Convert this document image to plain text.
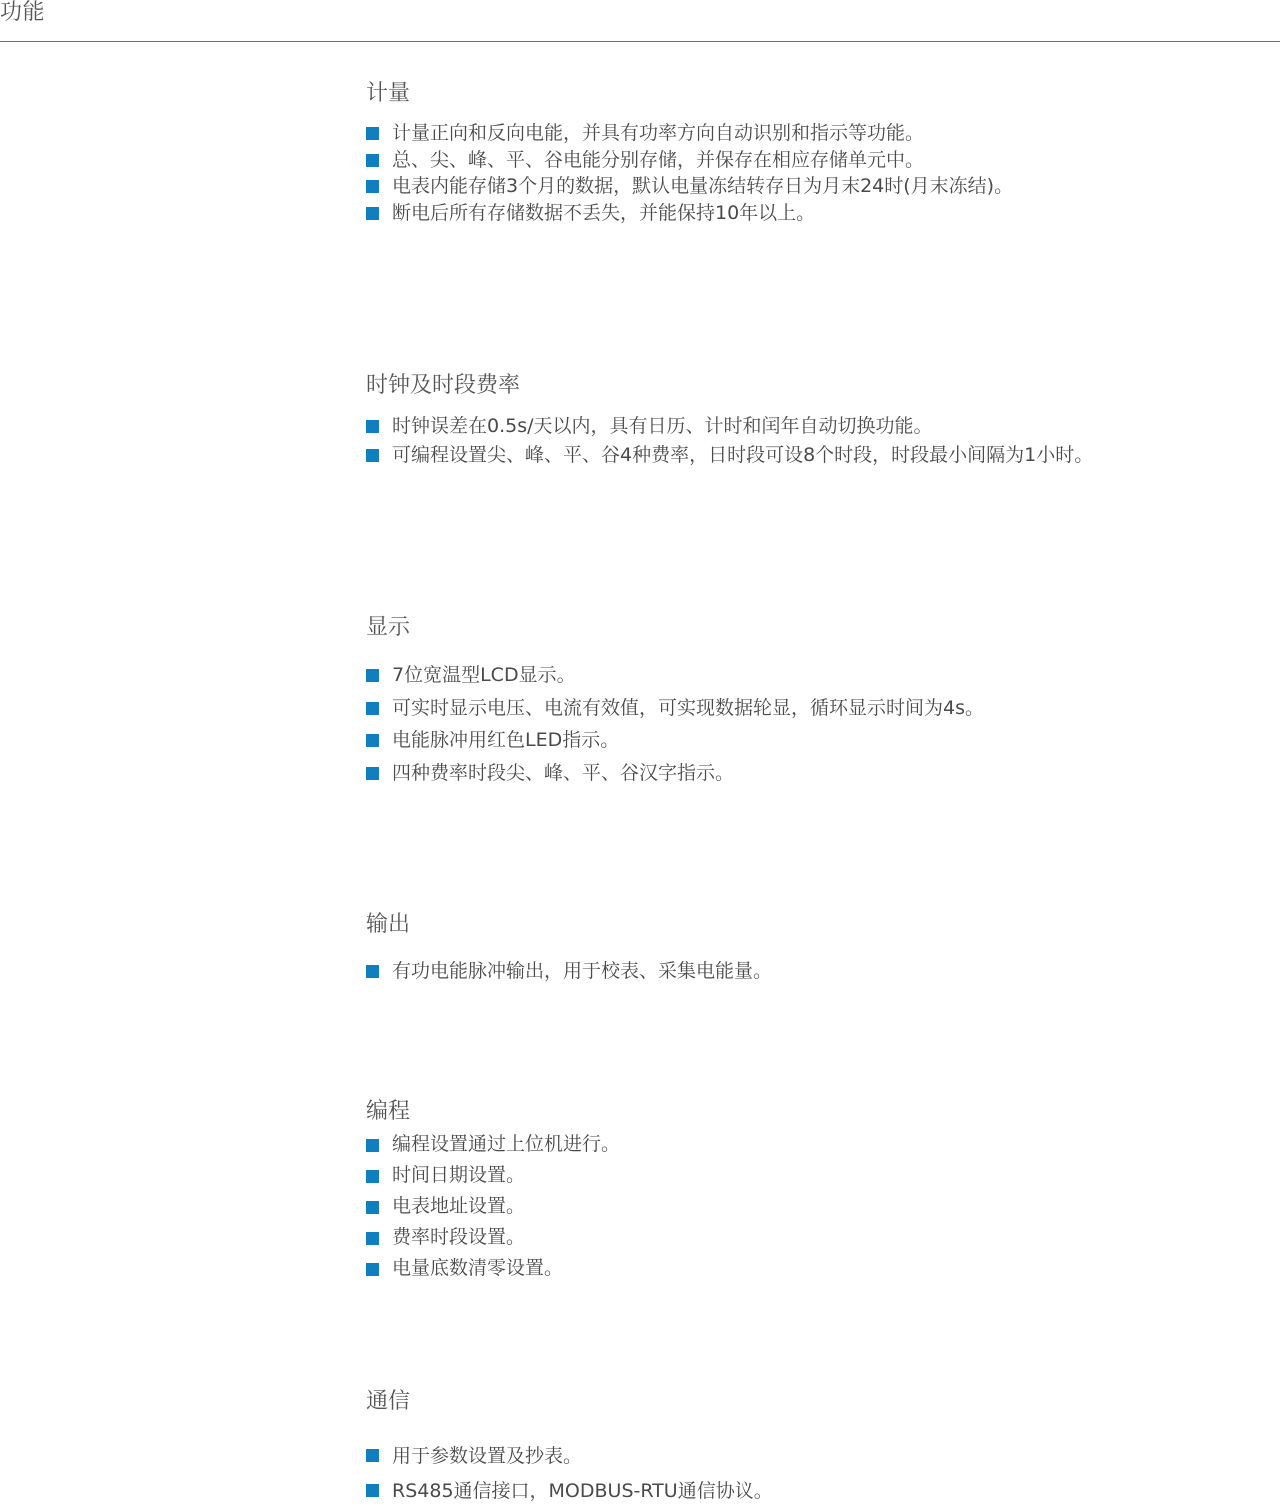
功能
计量
计量正向和反向电能，并具有功率方向自动识别和指示等功能。
总、尖、峰、平、谷电能分别存储，并保存在相应存储单元中。
电表内能存储3个月的数据，默认电量冻结转存日为月末24时(月末冻结)。
断电后所有存储数据不丢失，并能保持10年以上。
时钟及时段费率
时钟误差在0.5s/天以内，具有日历、计时和闰年自动切换功能。
可编程设置尖、峰、平、谷4种费率，日时段可设8个时段，时段最小间隔为1小时。
显示
7位宽温型LCD显示。
可实时显示电压、电流有效值，可实现数据轮显，循环显示时间为4s。
电能脉冲用红色LED指示。
四种费率时段尖、峰、平、谷汉字指示。
输出
有功电能脉冲输出，用于校表、采集电能量。
编程
编程设置通过上位机进行。
时间日期设置。
电表地址设置。
费率时段设置。
电量底数清零设置。
通信
用于参数设置及抄表。
RS485通信接口，MODBUS-RTU通信协议。
